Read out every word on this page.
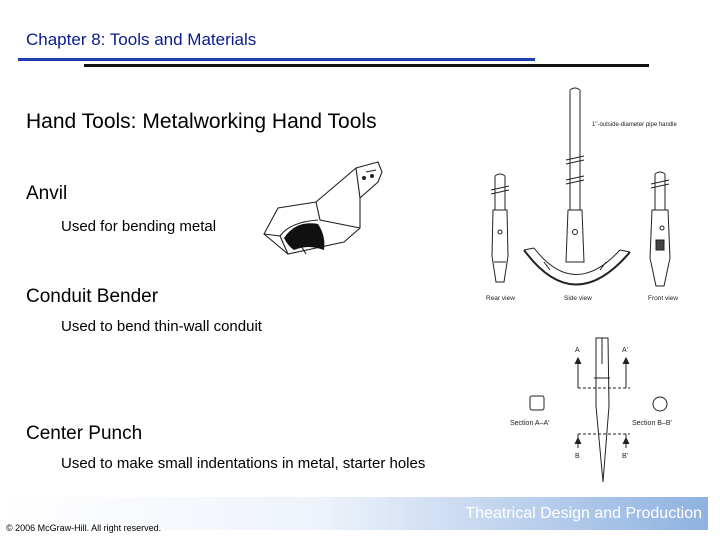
Chapter 8: Tools and Materials
Hand Tools: Metalworking Hand Tools
Anvil
Used for bending metal
Conduit Bender
Used to bend thin-wall conduit
Center Punch
Used to make small indentations in metal, starter holes
1"-outside-diameter pipe handle
Rear view	Side view	Front view
A	A'
B	B'
Section A–A'	Section B–B'
Theatrical Design and Production
© 2006 McGraw-Hill. All right reserved.
